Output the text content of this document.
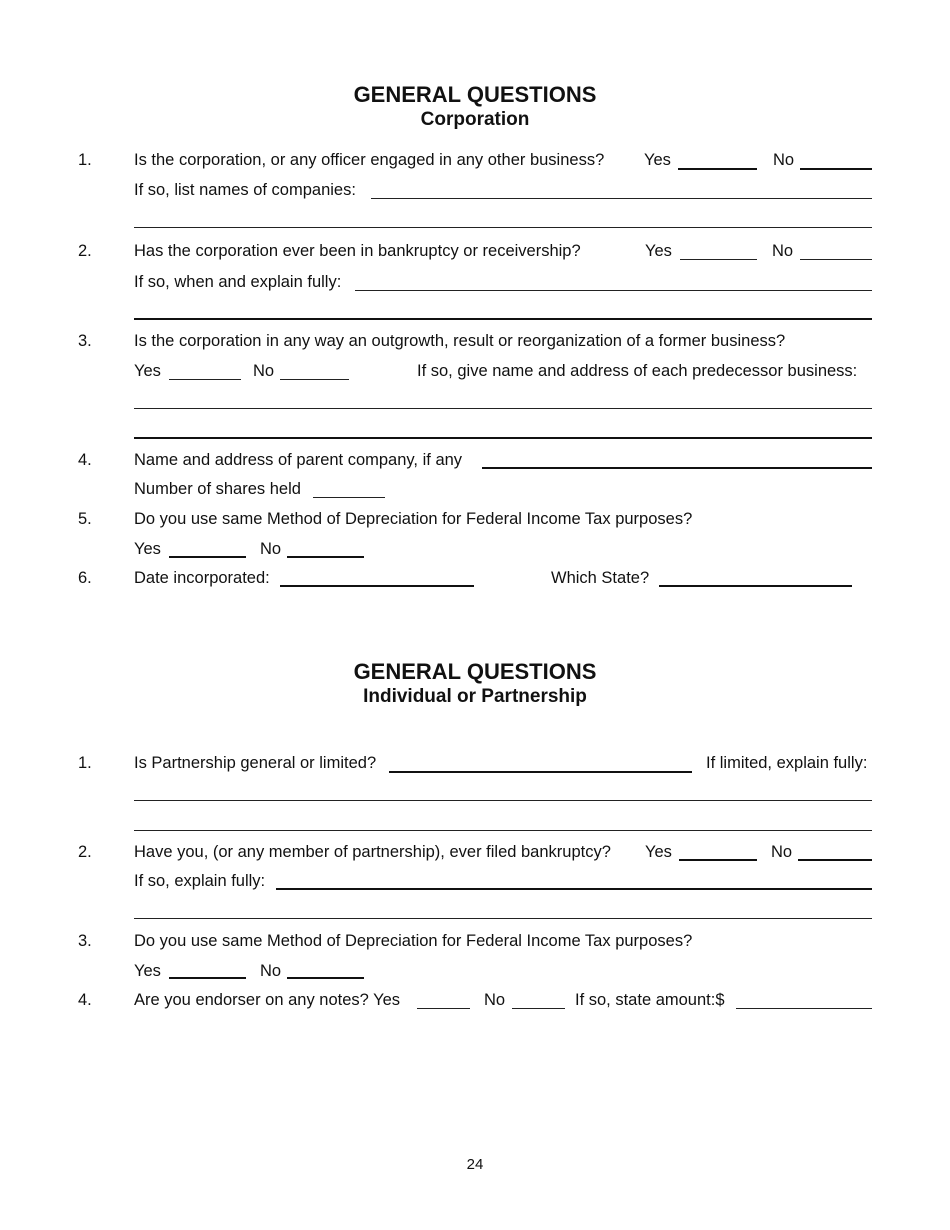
GENERAL QUESTIONS
Corporation
1.	Is the corporation, or any officer engaged in any other business? Yes	No
If so, list names of companies:
2.	Has the corporation ever been in bankruptcy or receivership?	Yes	No
If so, when and explain fully:
3.	Is the corporation in any way an outgrowth, result or reorganization of a former business?
Yes	No	If so, give name and address of each predecessor business:
4.	Name and address of parent company, if any
Number of shares held
5.	Do you use same Method of Depreciation for Federal Income Tax purposes?
Yes	No
6.	Date incorporated:	Which State?
GENERAL QUESTIONS
Individual or Partnership
1.	Is Partnership general or limited?	If limited, explain fully:
2.	Have you, (or any member of partnership), ever filed bankruptcy? Yes	No
If so, explain fully:
3.	Do you use same Method of Depreciation for Federal Income Tax purposes?
Yes	No
4.	Are you endorser on any notes? Yes	No	If so, state amount:$
24
